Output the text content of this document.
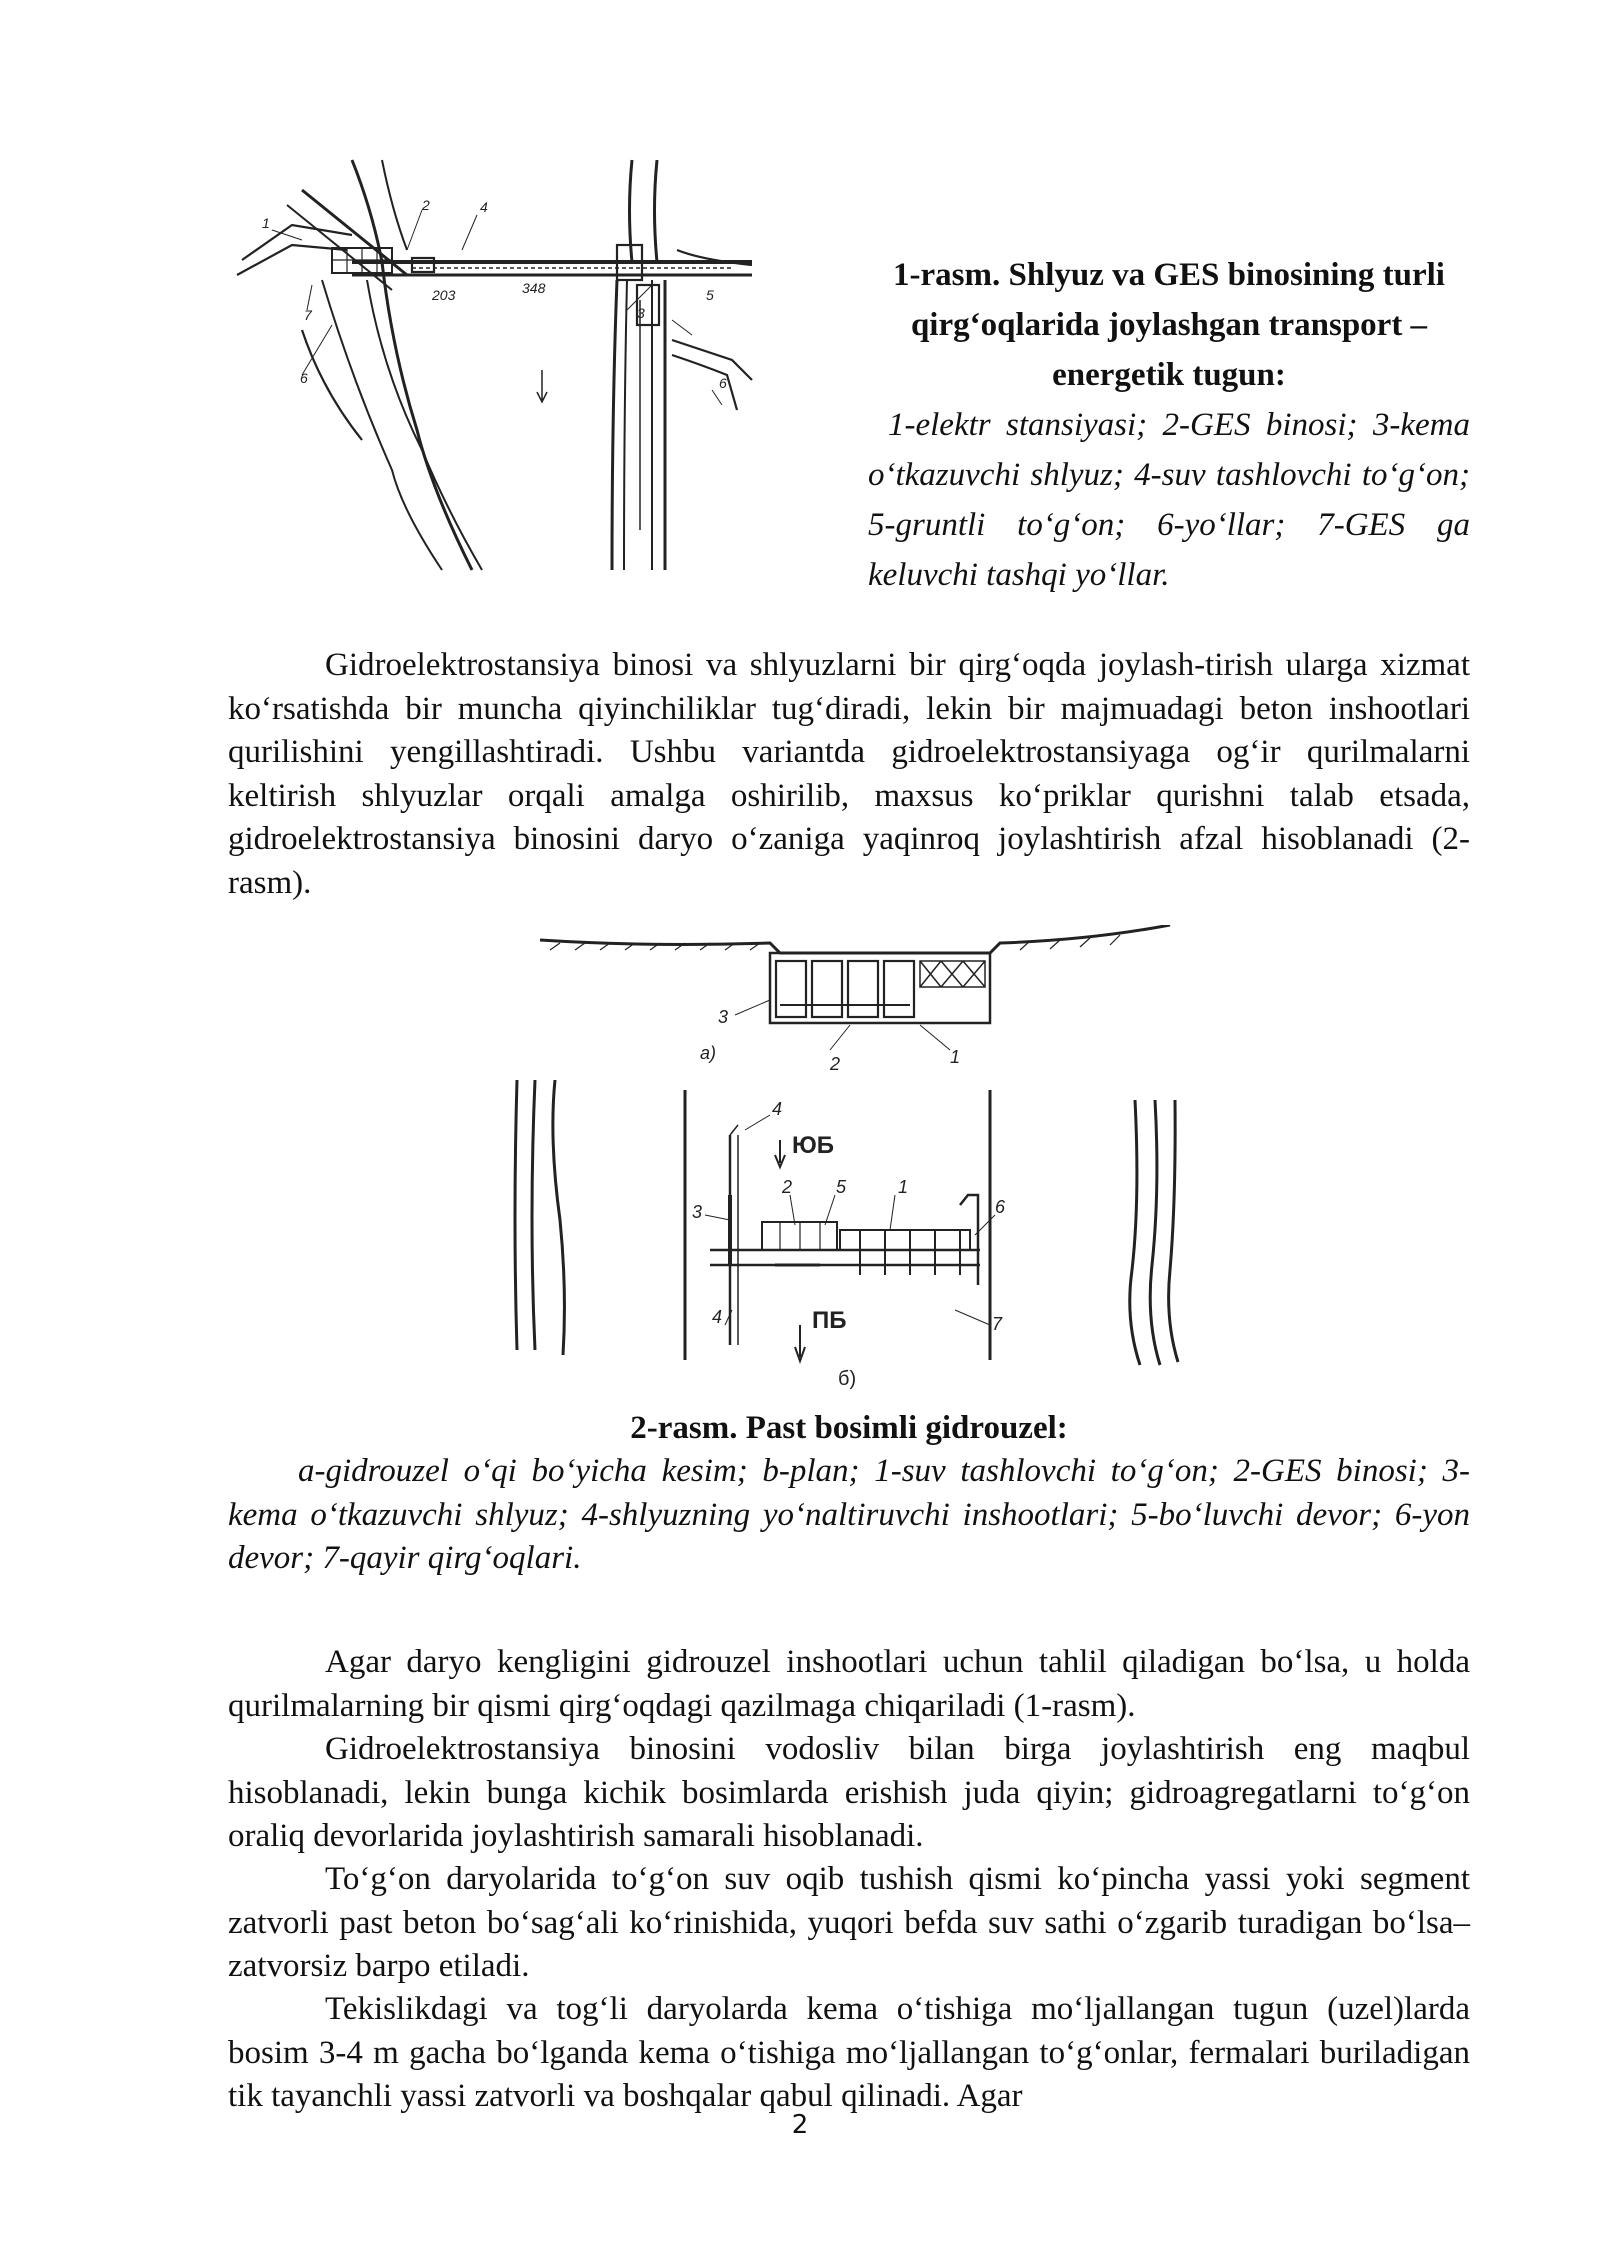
1
2	4
3
5
7
6	6
203	348	1-rasm. Shlyuz va GES binosining turli qirg‘oqlarida joylashgan transport – energetik tugun:
1-elektr stansiyasi; 2-GES binosi; 3-kema o‘tkazuvchi shlyuz; 4-suv tashlovchi to‘g‘on; 5-gruntli to‘g‘on; 6-yo‘llar; 7-GES ga keluvchi tashqi yo‘llar.

Gidroelektrostansiya binosi va shlyuzlarni bir qirg‘oqda joylash-tirish ularga xizmat ko‘rsatishda bir muncha qiyinchiliklar tug‘diradi, lekin bir majmuadagi beton inshootlari qurilishini yengillashtiradi. Ushbu variantda gidroelektrostansiyaga og‘ir qurilmalarni keltirish shlyuzlar orqali amalga oshirilib, maxsus ko‘priklar qurishni talab etsada, gidroelektrostansiya binosini daryo o‘zaniga yaqinroq joylashtirish afzal hisoblanadi (2-rasm).

3
а)
2	1
4
3
2 5	1
6
4	7
ЮБ
ПБ
б)
2-rasm. Past bosimli gidrouzel:

a-gidrouzel o‘qi bo‘yicha kesim; b-plan; 1-suv tashlovchi to‘g‘on; 2-GES binosi; 3-kema o‘tkazuvchi shlyuz; 4-shlyuzning yo‘naltiruvchi inshootlari; 5-bo‘luvchi devor; 6-yon devor; 7-qayir qirg‘oqlari.

Agar daryo kengligini gidrouzel inshootlari uchun tahlil qiladigan bo‘lsa, u holda qurilmalarning bir qismi qirg‘oqdagi qazilmaga chiqariladi (1-rasm).

Gidroelektrostansiya binosini vodosliv bilan birga joylashtirish eng maqbul hisoblanadi, lekin bunga kichik bosimlarda erishish juda qiyin; gidroagregatlarni to‘g‘on oraliq devorlarida joylashtirish samarali hisoblanadi.

To‘g‘on daryolarida to‘g‘on suv oqib tushish qismi ko‘pincha yassi yoki segment zatvorli past beton bo‘sag‘ali ko‘rinishida, yuqori befda suv sathi o‘zgarib turadigan bo‘lsa–zatvorsiz barpo etiladi.

Tekislikdagi va tog‘li daryolarda kema o‘tishiga mo‘ljallangan tugun (uzel)larda bosim 3-4 m gacha bo‘lganda kema o‘tishiga mo‘ljallangan to‘g‘onlar, fermalari buriladigan tik tayanchli yassi zatvorli va boshqalar qabul qilinadi. Agar

2
